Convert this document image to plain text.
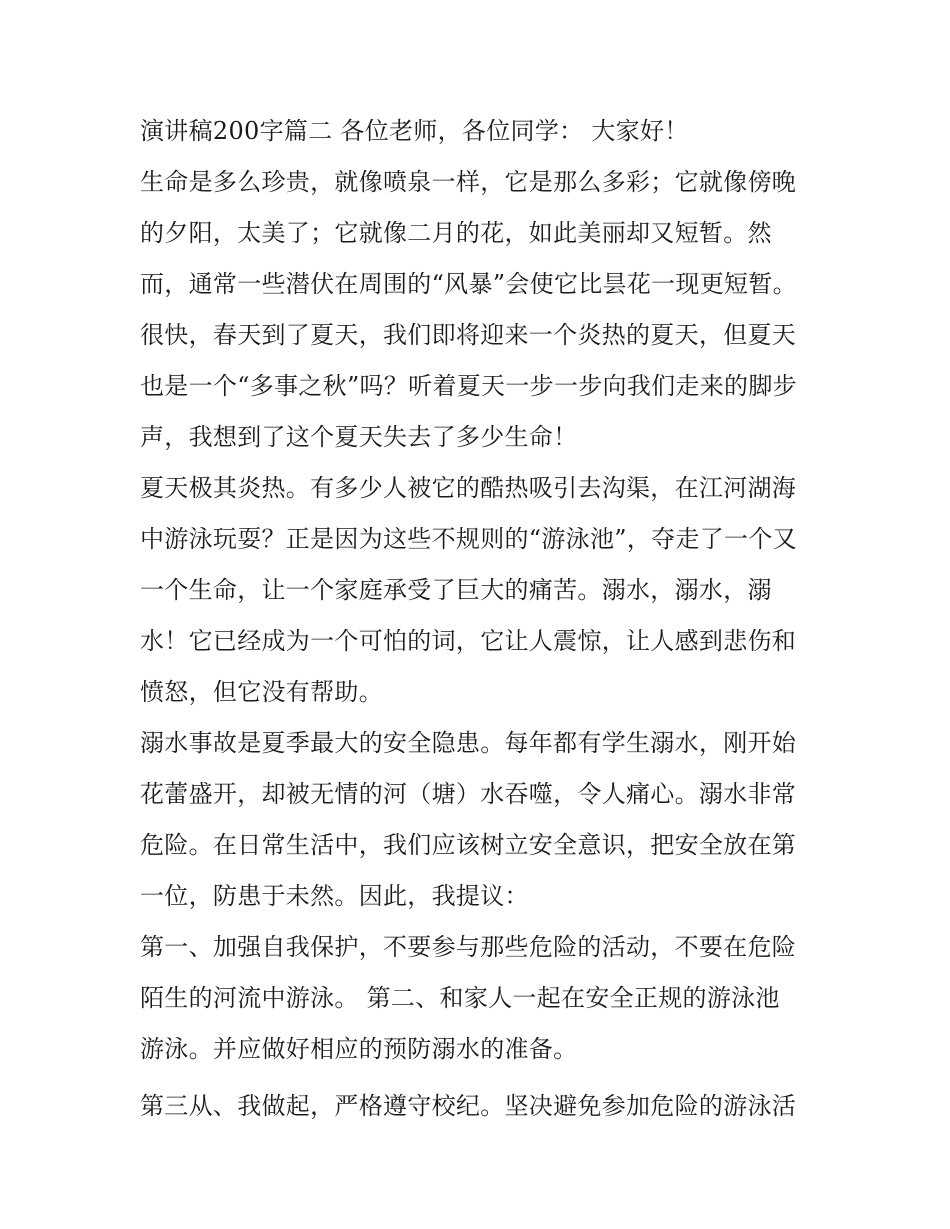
演讲稿200字篇二 各位老师，各位同学： 大家好！
生命是多么珍贵，就像喷泉一样，它是那么多彩；它就像傍晚
的夕阳，太美了；它就像二月的花，如此美丽却又短暂。然
而，通常一些潜伏在周围的“风暴”会使它比昙花一现更短暂。
很快，春天到了夏天，我们即将迎来一个炎热的夏天，但夏天
也是一个“多事之秋”吗？听着夏天一步一步向我们走来的脚步
声，我想到了这个夏天失去了多少生命！
夏天极其炎热。有多少人被它的酷热吸引去沟渠，在江河湖海
中游泳玩耍？正是因为这些不规则的“游泳池”，夺走了一个又
一个生命，让一个家庭承受了巨大的痛苦。溺水，溺水，溺
水！它已经成为一个可怕的词，它让人震惊，让人感到悲伤和
愤怒，但它没有帮助。
溺水事故是夏季最大的安全隐患。每年都有学生溺水，刚开始
花蕾盛开，却被无情的河（塘）水吞噬，令人痛心。溺水非常
危险。在日常生活中，我们应该树立安全意识，把安全放在第
一位，防患于未然。因此，我提议：
第一、加强自我保护，不要参与那些危险的活动，不要在危险
陌生的河流中游泳。 第二、和家人一起在安全正规的游泳池
游泳。并应做好相应的预防溺水的准备。
第三从、我做起，严格遵守校纪。坚决避免参加危险的游泳活
